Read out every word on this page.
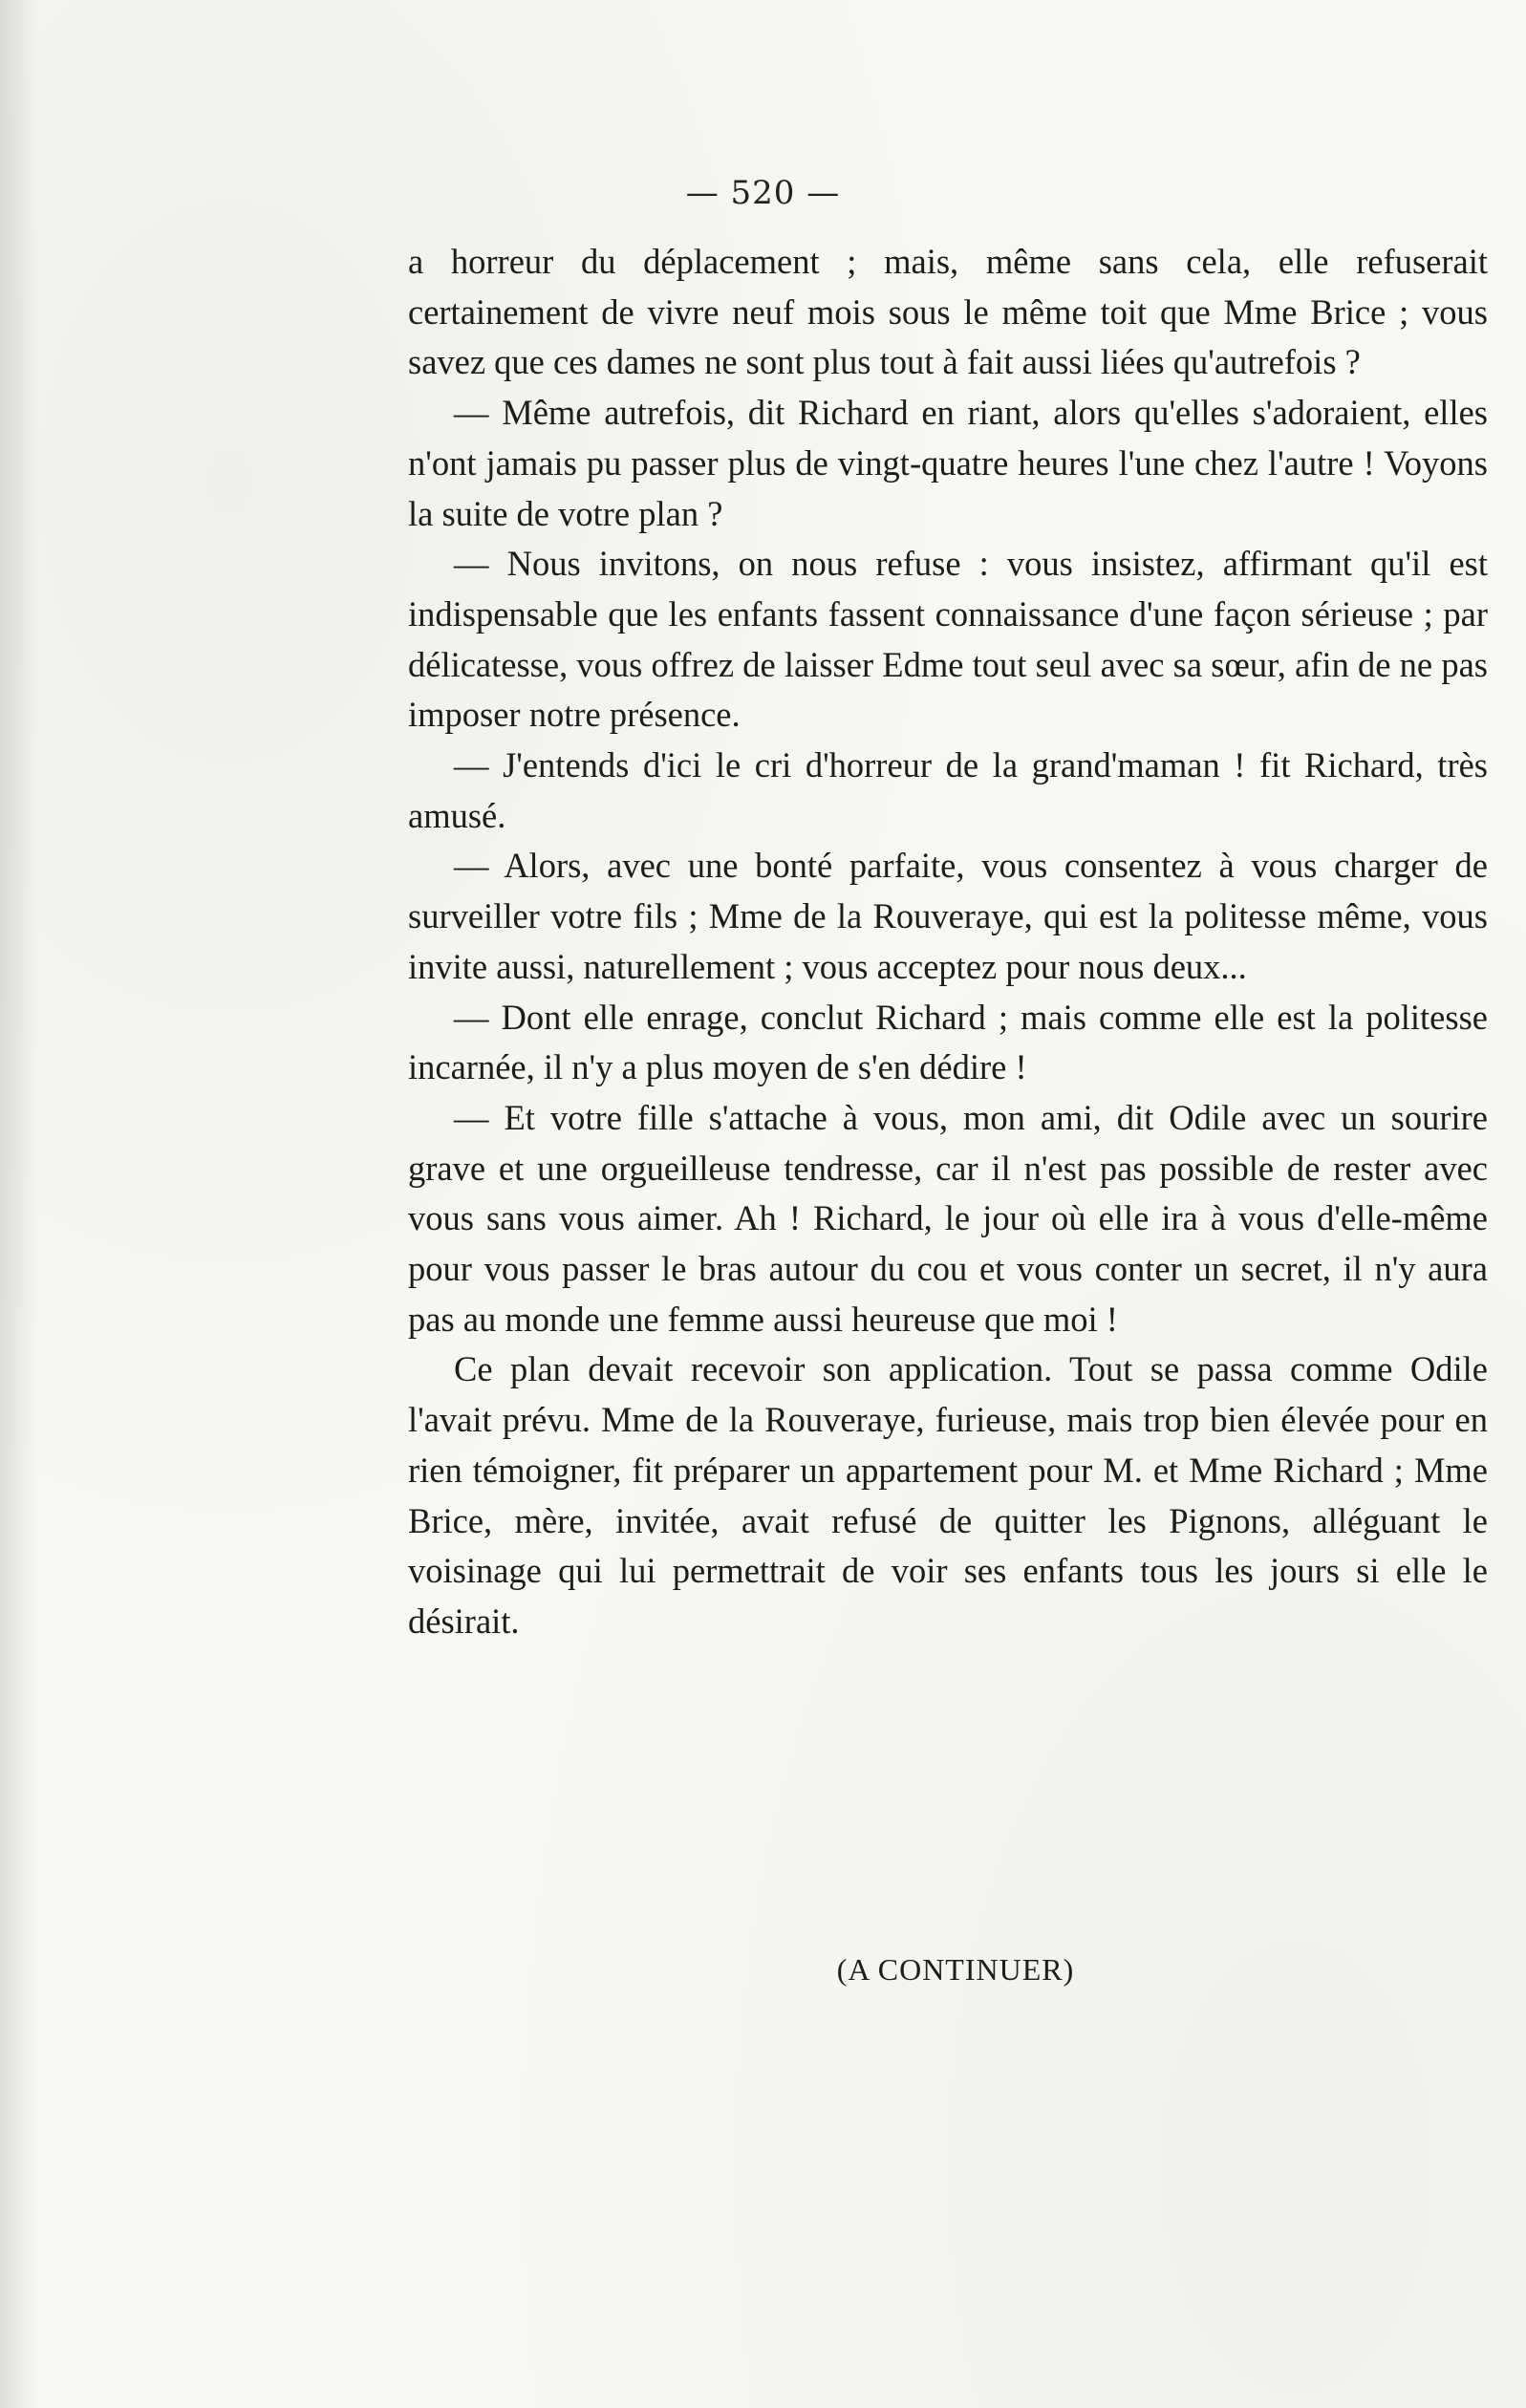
— 520 —

a horreur du déplacement ; mais, même sans cela, elle refuserait certainement de vivre neuf mois sous le même toit que Mme Brice ; vous savez que ces dames ne sont plus tout à fait aussi liées qu'autrefois ?

— Même autrefois, dit Richard en riant, alors qu'elles s'adoraient, elles n'ont jamais pu passer plus de vingt-quatre heures l'une chez l'autre ! Voyons la suite de votre plan ?

— Nous invitons, on nous refuse : vous insistez, affirmant qu'il est indispensable que les enfants fassent connaissance d'une façon sérieuse ; par délicatesse, vous offrez de laisser Edme tout seul avec sa sœur, afin de ne pas imposer notre présence.

— J'entends d'ici le cri d'horreur de la grand'maman ! fit Richard, très amusé.

— Alors, avec une bonté parfaite, vous consentez à vous charger de surveiller votre fils ; Mme de la Rouveraye, qui est la politesse même, vous invite aussi, naturellement ; vous acceptez pour nous deux...

— Dont elle enrage, conclut Richard ; mais comme elle est la politesse incarnée, il n'y a plus moyen de s'en dédire !

— Et votre fille s'attache à vous, mon ami, dit Odile avec un sourire grave et une orgueilleuse tendresse, car il n'est pas possible de rester avec vous sans vous aimer. Ah ! Richard, le jour où elle ira à vous d'elle-même pour vous passer le bras autour du cou et vous conter un secret, il n'y aura pas au monde une femme aussi heureuse que moi !

Ce plan devait recevoir son application. Tout se passa comme Odile l'avait prévu. Mme de la Rouveraye, furieuse, mais trop bien élevée pour en rien témoigner, fit préparer un appartement pour M. et Mme Richard ; Mme Brice, mère, invitée, avait refusé de quitter les Pignons, alléguant le voisinage qui lui permettrait de voir ses enfants tous les jours si elle le désirait.

(A CONTINUER)
